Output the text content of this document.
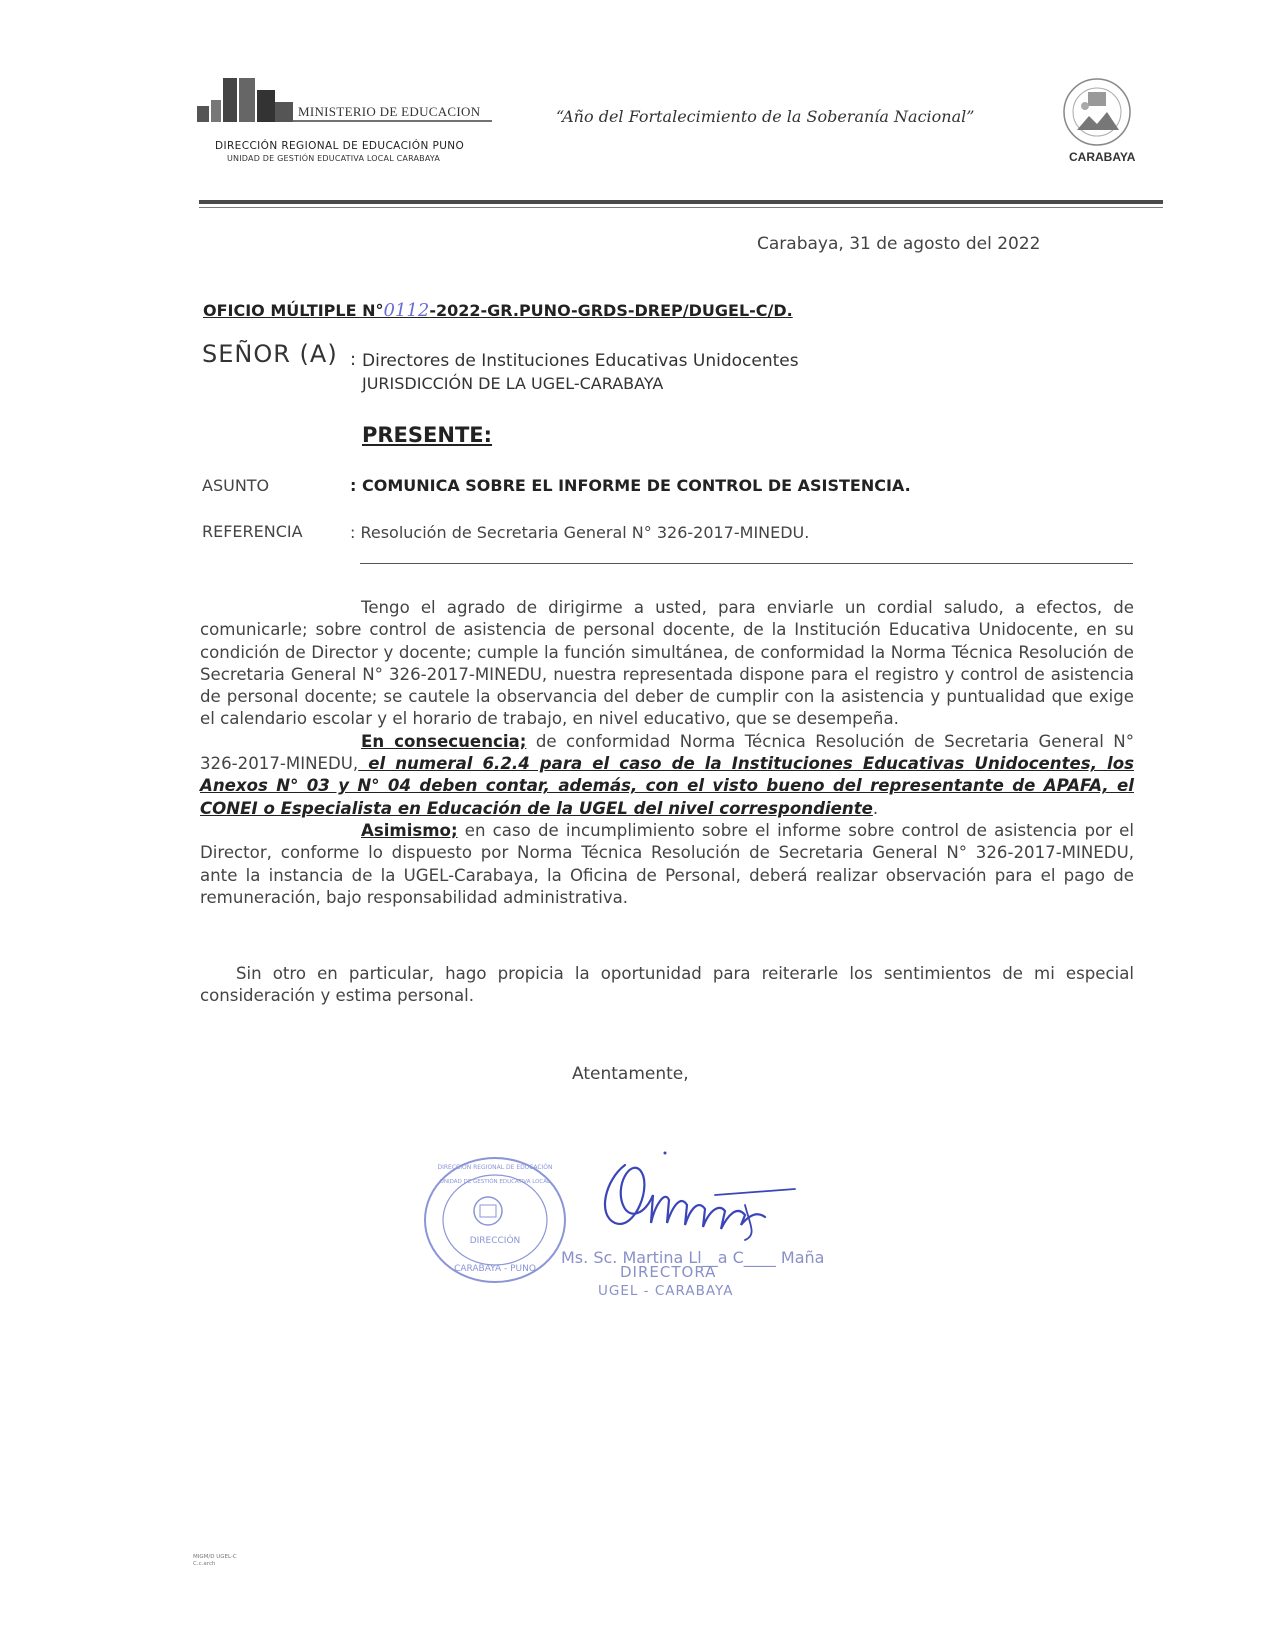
MINISTERIO DE EDUCACION
DIRECCIÓN REGIONAL DE EDUCACIÓN PUNO
UNIDAD DE GESTIÓN EDUCATIVA LOCAL CARABAYA
“Año del Fortalecimiento de la Soberanía Nacional”
CARABAYA
Carabaya, 31 de agosto del 2022
OFICIO MÚLTIPLE N°0112-2022-GR.PUNO-GRDS-DREP/DUGEL-C/D.
SEÑOR (A) : Directores de Instituciones Educativas Unidocentes
JURISDICCIÓN DE LA UGEL-CARABAYA
PRESENTE:
ASUNTO	: COMUNICA SOBRE EL INFORME DE CONTROL DE ASISTENCIA.
REFERENCIA	: Resolución de Secretaria General N° 326-2017-MINEDU.

Tengo el agrado de dirigirme a usted, para enviarle un cordial saludo, a efectos, de comunicarle; sobre control de asistencia de personal docente, de la Institución Educativa Unidocente, en su condición de Director y docente; cumple la función simultánea, de conformidad la Norma Técnica Resolución de Secretaria General N° 326-2017-MINEDU, nuestra representada dispone para el registro y control de asistencia de personal docente; se cautele la observancia del deber de cumplir con la asistencia y puntualidad que exige el calendario escolar y el horario de trabajo, en nivel educativo, que se desempeña.

En consecuencia; de conformidad Norma Técnica Resolución de Secretaria General N° 326-2017-MINEDU, el numeral 6.2.4 para el caso de la Instituciones Educativas Unidocentes, los Anexos N° 03 y N° 04 deben contar, además, con el visto bueno del representante de APAFA, el CONEI o Especialista en Educación de la UGEL del nivel correspondiente.

Asimismo; en caso de incumplimiento sobre el informe sobre control de asistencia por el Director, conforme lo dispuesto por Norma Técnica Resolución de Secretaria General N° 326-2017-MINEDU, ante la instancia de la UGEL-Carabaya, la Oficina de Personal, deberá realizar observación para el pago de remuneración, bajo responsabilidad administrativa.

Sin otro en particular, hago propicia la oportunidad para reiterarle los sentimientos de mi especial consideración y estima personal.
Atentamente,
DIRECCIÓN
CARABAYA - PUNO
DIRECCIÓN REGIONAL DE EDUCACIÓN
UNIDAD DE GESTIÓN EDUCATIVA LOCAL
Ms. Sc. Martina Ll__a C____ Maña
DIRECTORA
UGEL - CARABAYA
MIGM/D UGEL-C
C.c.arch
